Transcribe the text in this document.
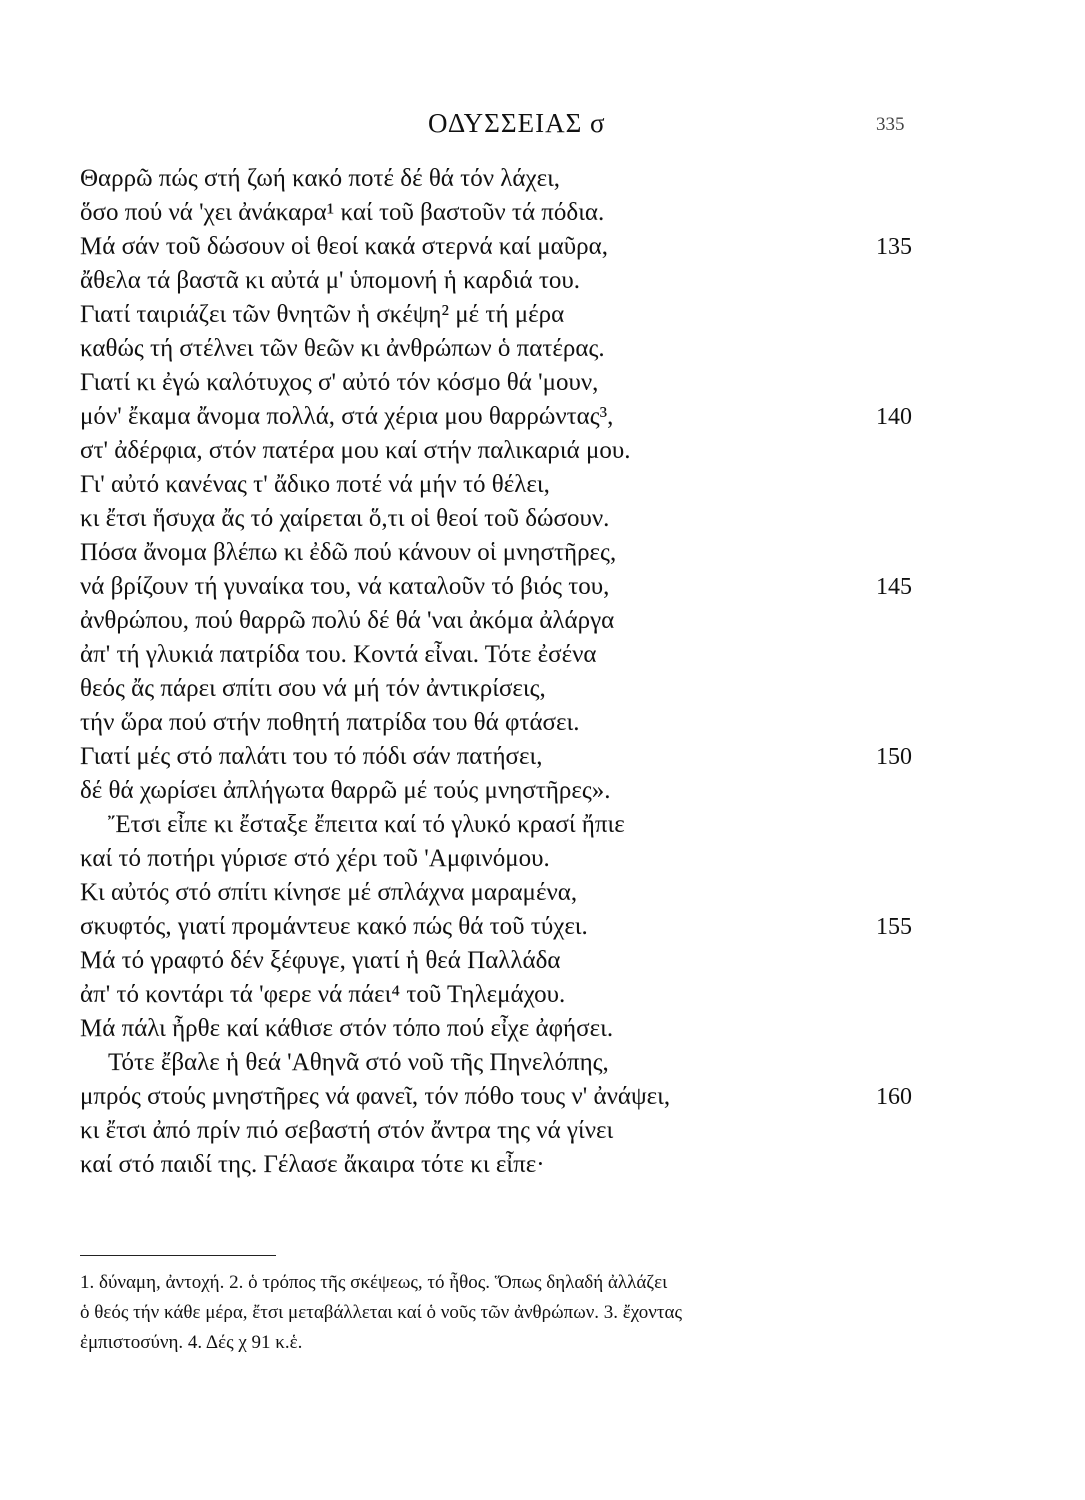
ΟΔΥΣΣΕΙΑΣ σ	335
Θαρρῶ πώς στή ζωή κακό ποτέ δέ θά τόν λάχει,
ὅσο πού νά 'χει ἀνάκαρα¹ καί τοῦ βαστοῦν τά πόδια.
Μά σάν τοῦ δώσουν οἱ θεοί κακά στερνά καί μαῦρα,	135
ἄθελα τά βαστᾶ κι αὐτά μ' ὑπομονή ἡ καρδιά του.
Γιατί ταιριάζει τῶν θνητῶν ἡ σκέψη² μέ τή μέρα
καθώς τή στέλνει τῶν θεῶν κι ἀνθρώπων ὁ πατέρας.
Γιατί κι ἐγώ καλότυχος σ' αὐτό τόν κόσμο θά 'μουν,
μόν' ἔκαμα ἄνομα πολλά, στά χέρια μου θαρρώντας³,	140
στ' ἀδέρφια, στόν πατέρα μου καί στήν παλικαριά μου.
Γι' αὐτό κανένας τ' ἄδικο ποτέ νά μήν τό θέλει,
κι ἔτσι ἥσυχα ἄς τό χαίρεται ὅ,τι οἱ θεοί τοῦ δώσουν.
Πόσα ἄνομα βλέπω κι ἐδῶ πού κάνουν οἱ μνηστῆρες,
νά βρίζουν τή γυναίκα του, νά καταλοῦν τό βιός του,	145
ἀνθρώπου, πού θαρρῶ πολύ δέ θά 'ναι ἀκόμα ἀλάργα
ἀπ' τή γλυκιά πατρίδα του. Κοντά εἶναι. Τότε ἐσένα
θεός ἄς πάρει σπίτι σου νά μή τόν ἀντικρίσεις,
τήν ὥρα πού στήν ποθητή πατρίδα του θά φτάσει.
Γιατί μές στό παλάτι του τό πόδι σάν πατήσει,	150
δέ θά χωρίσει ἀπλήγωτα θαρρῶ μέ τούς μνηστῆρες».
Ἔτσι εἶπε κι ἔσταξε ἔπειτα καί τό γλυκό κρασί ἤπιε
καί τό ποτήρι γύρισε στό χέρι τοῦ 'Αμφινόμου.
Κι αὐτός στό σπίτι κίνησε μέ σπλάχνα μαραμένα,
σκυφτός, γιατί προμάντευε κακό πώς θά τοῦ τύχει.	155
Μά τό γραφτό δέν ξέφυγε, γιατί ἡ θεά Παλλάδα
ἀπ' τό κοντάρι τά 'φερε νά πάει⁴ τοῦ Τηλεμάχου.
Μά πάλι ἦρθε καί κάθισε στόν τόπο πού εἶχε ἀφήσει.
Τότε ἔβαλε ἡ θεά 'Αθηνᾶ στό νοῦ τῆς Πηνελόπης,
μπρός στούς μνηστῆρες νά φανεῖ, τόν πόθο τους ν' ἀνάψει,	160
κι ἔτσι ἀπό πρίν πιό σεβαστή στόν ἄντρα της νά γίνει
καί στό παιδί της. Γέλασε ἄκαιρα τότε κι εἶπε·
1. δύναμη, ἀντοχή. 2. ὁ τρόπος τῆς σκέψεως, τό ἦθος. Ὅπως δηλαδή ἀλλάζει
ὁ θεός τήν κάθε μέρα, ἔτσι μεταβάλλεται καί ὁ νοῦς τῶν ἀνθρώπων. 3. ἔχοντας
ἐμπιστοσύνη. 4. Δές χ 91 κ.ἑ.
